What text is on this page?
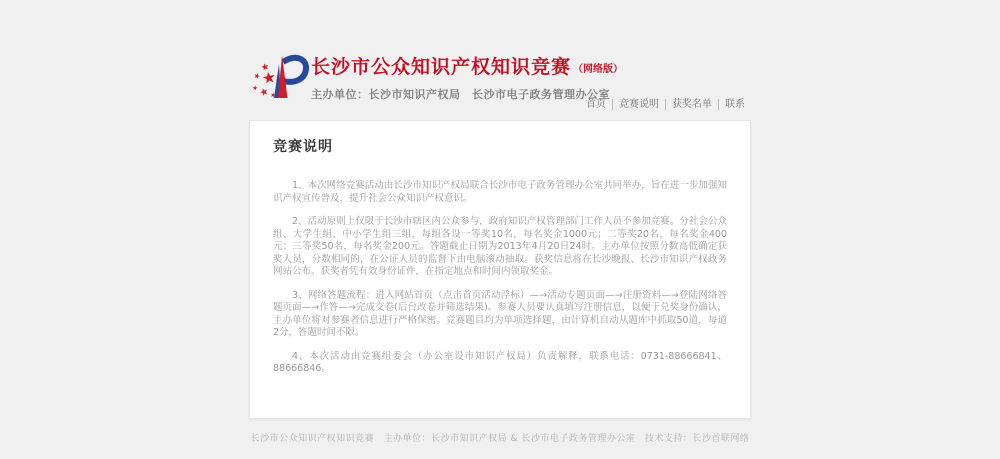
长沙市公众知识产权知识竞赛 （网络版）
主办单位：长沙市知识产权局　长沙市电子政务管理办公室
首页	竞赛说明	获奖名单	联系
竞赛说明

1、本次网络竞赛活动由长沙市知识产权局联合长沙市电子政务管理办公室共同举办，旨在进一步加强知识产权宣传普及，提升社会公众知识产权意识。

2、活动原则上仅限于长沙市辖区内公众参与，政府知识产权管理部门工作人员不参加竞赛。分社会公众组、大学生组、中小学生组三组，每组各设一等奖10名，每名奖金1000元；二等奖20名，每名奖金400元；三等奖50名，每名奖金200元。答题截止日期为2013年4月20日24时。主办单位按照分数高低确定获奖人员，分数相同的，在公证人员的监督下由电脑滚动抽取。获奖信息将在长沙晚报、长沙市知识产权政务网站公布。获奖者凭有效身份证件，在指定地点和时间内领取奖金。

3、网络答题流程：进入网站首页（点击首页活动浮标）—→活动专题页面—→注册资料—→登陆网络答题页面—→作答—→完成交卷(后台改卷并筛选结果)。参赛人员要认真填写注册信息，以便于兑奖身份确认，主办单位将对参赛者信息进行严格保密。竞赛题目均为单项选择题，由计算机自动从题库中抓取50道，每道2分，答题时间不限。

4、本次活动由竞赛组委会（办公室设市知识产权局）负责解释，联系电话：0731-88666841、88666846。

长沙市公众知识产权知识竞赛　主办单位：长沙市知识产权局 & 长沙市电子政务管理办公室　技术支持：长沙首联网络
